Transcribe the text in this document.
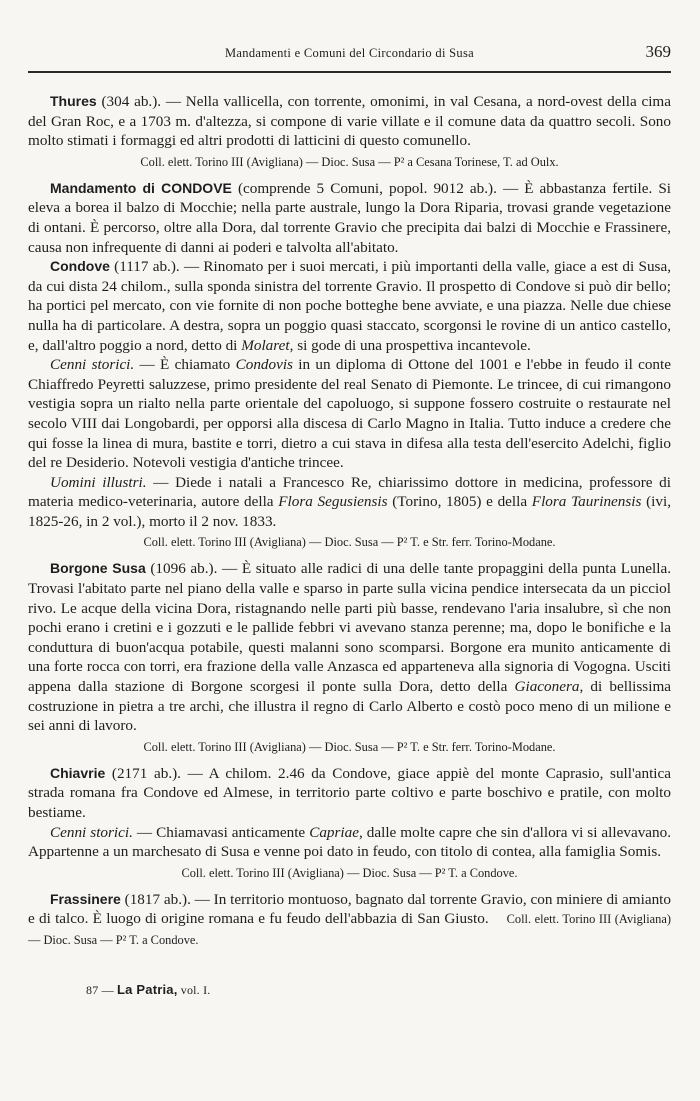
Mandamenti e Comuni del Circondario di Susa	369

Thures (304 ab.). — Nella vallicella, con torrente, omonimi, in val Cesana, a nord-ovest della cima del Gran Roc, e a 1703 m. d'altezza, si compone di varie villate e il comune data da quattro secoli. Sono molto stimati i formaggi ed altri prodotti di latticini di questo comunello.

Coll. elett. Torino III (Avigliana) — Dioc. Susa — P² a Cesana Torinese, T. ad Oulx.

Mandamento di CONDOVE (comprende 5 Comuni, popol. 9012 ab.). — È abbastanza fertile. Si eleva a borea il balzo di Mocchie; nella parte australe, lungo la Dora Riparia, trovasi grande vegetazione di ontani. È percorso, oltre alla Dora, dal torrente Gravio che precipita dai balzi di Mocchie e Frassinere, causa non infrequente di danni ai poderi e talvolta all'abitato.

Condove (1117 ab.). — Rinomato per i suoi mercati, i più importanti della valle, giace a est di Susa, da cui dista 24 chilom., sulla sponda sinistra del torrente Gravio. Il prospetto di Condove si può dir bello; ha portici pel mercato, con vie fornite di non poche botteghe bene avviate, e una piazza. Nelle due chiese nulla ha di particolare. A destra, sopra un poggio quasi staccato, scorgonsi le rovine di un antico castello, e, dall'altro poggio a nord, detto di Molaret, si gode di una prospettiva incantevole.

Cenni storici. — È chiamato Condovis in un diploma di Ottone del 1001 e l'ebbe in feudo il conte Chiaffredo Peyretti saluzzese, primo presidente del real Senato di Piemonte. Le trincee, di cui rimangono vestigia sopra un rialto nella parte orientale del capoluogo, si suppone fossero costruite o restaurate nel secolo VIII dai Longobardi, per opporsi alla discesa di Carlo Magno in Italia. Tutto induce a credere che qui fosse la linea di mura, bastite e torri, dietro a cui stava in difesa alla testa dell'esercito Adelchi, figlio del re Desiderio. Notevoli vestigia d'antiche trincee.

Uomini illustri. — Diede i natali a Francesco Re, chiarissimo dottore in medicina, professore di materia medico-veterinaria, autore della Flora Segusiensis (Torino, 1805) e della Flora Taurinensis (ivi, 1825-26, in 2 vol.), morto il 2 nov. 1833.

Coll. elett. Torino III (Avigliana) — Dioc. Susa — P² T. e Str. ferr. Torino-Modane.

Borgone Susa (1096 ab.). — È situato alle radici di una delle tante propaggini della punta Lunella. Trovasi l'abitato parte nel piano della valle e sparso in parte sulla vicina pendice intersecata da un picciol rivo. Le acque della vicina Dora, ristagnando nelle parti più basse, rendevano l'aria insalubre, sì che non pochi erano i cretini e i gozzuti e le pallide febbri vi avevano stanza perenne; ma, dopo le bonifiche e la conduttura di buon'acqua potabile, questi malanni sono scomparsi. Borgone era munito anticamente di una forte rocca con torri, era frazione della valle Anzasca ed apparteneva alla signoria di Vogogna. Usciti appena dalla stazione di Borgone scorgesi il ponte sulla Dora, detto della Giaconera, di bellissima costruzione in pietra a tre archi, che illustra il regno di Carlo Alberto e costò poco meno di un milione e sei anni di lavoro.

Coll. elett. Torino III (Avigliana) — Dioc. Susa — P² T. e Str. ferr. Torino-Modane.

Chiavrie (2171 ab.). — A chilom. 2.46 da Condove, giace appiè del monte Caprasio, sull'antica strada romana fra Condove ed Almese, in territorio parte coltivo e parte boschivo e pratile, con molto bestiame.

Cenni storici. — Chiamavasi anticamente Capriae, dalle molte capre che sin d'allora vi si allevavano. Appartenne a un marchesato di Susa e venne poi dato in feudo, con titolo di contea, alla famiglia Somis.

Coll. elett. Torino III (Avigliana) — Dioc. Susa — P² T. a Condove.

Frassinere (1817 ab.). — In territorio montuoso, bagnato dal torrente Gravio, con miniere di amianto e di talco. È luogo di origine romana e fu feudo dell'abbazia di San Giusto. Coll. elett. Torino III (Avigliana) — Dioc. Susa — P² T. a Condove.

87 — La Patria, vol. I.
